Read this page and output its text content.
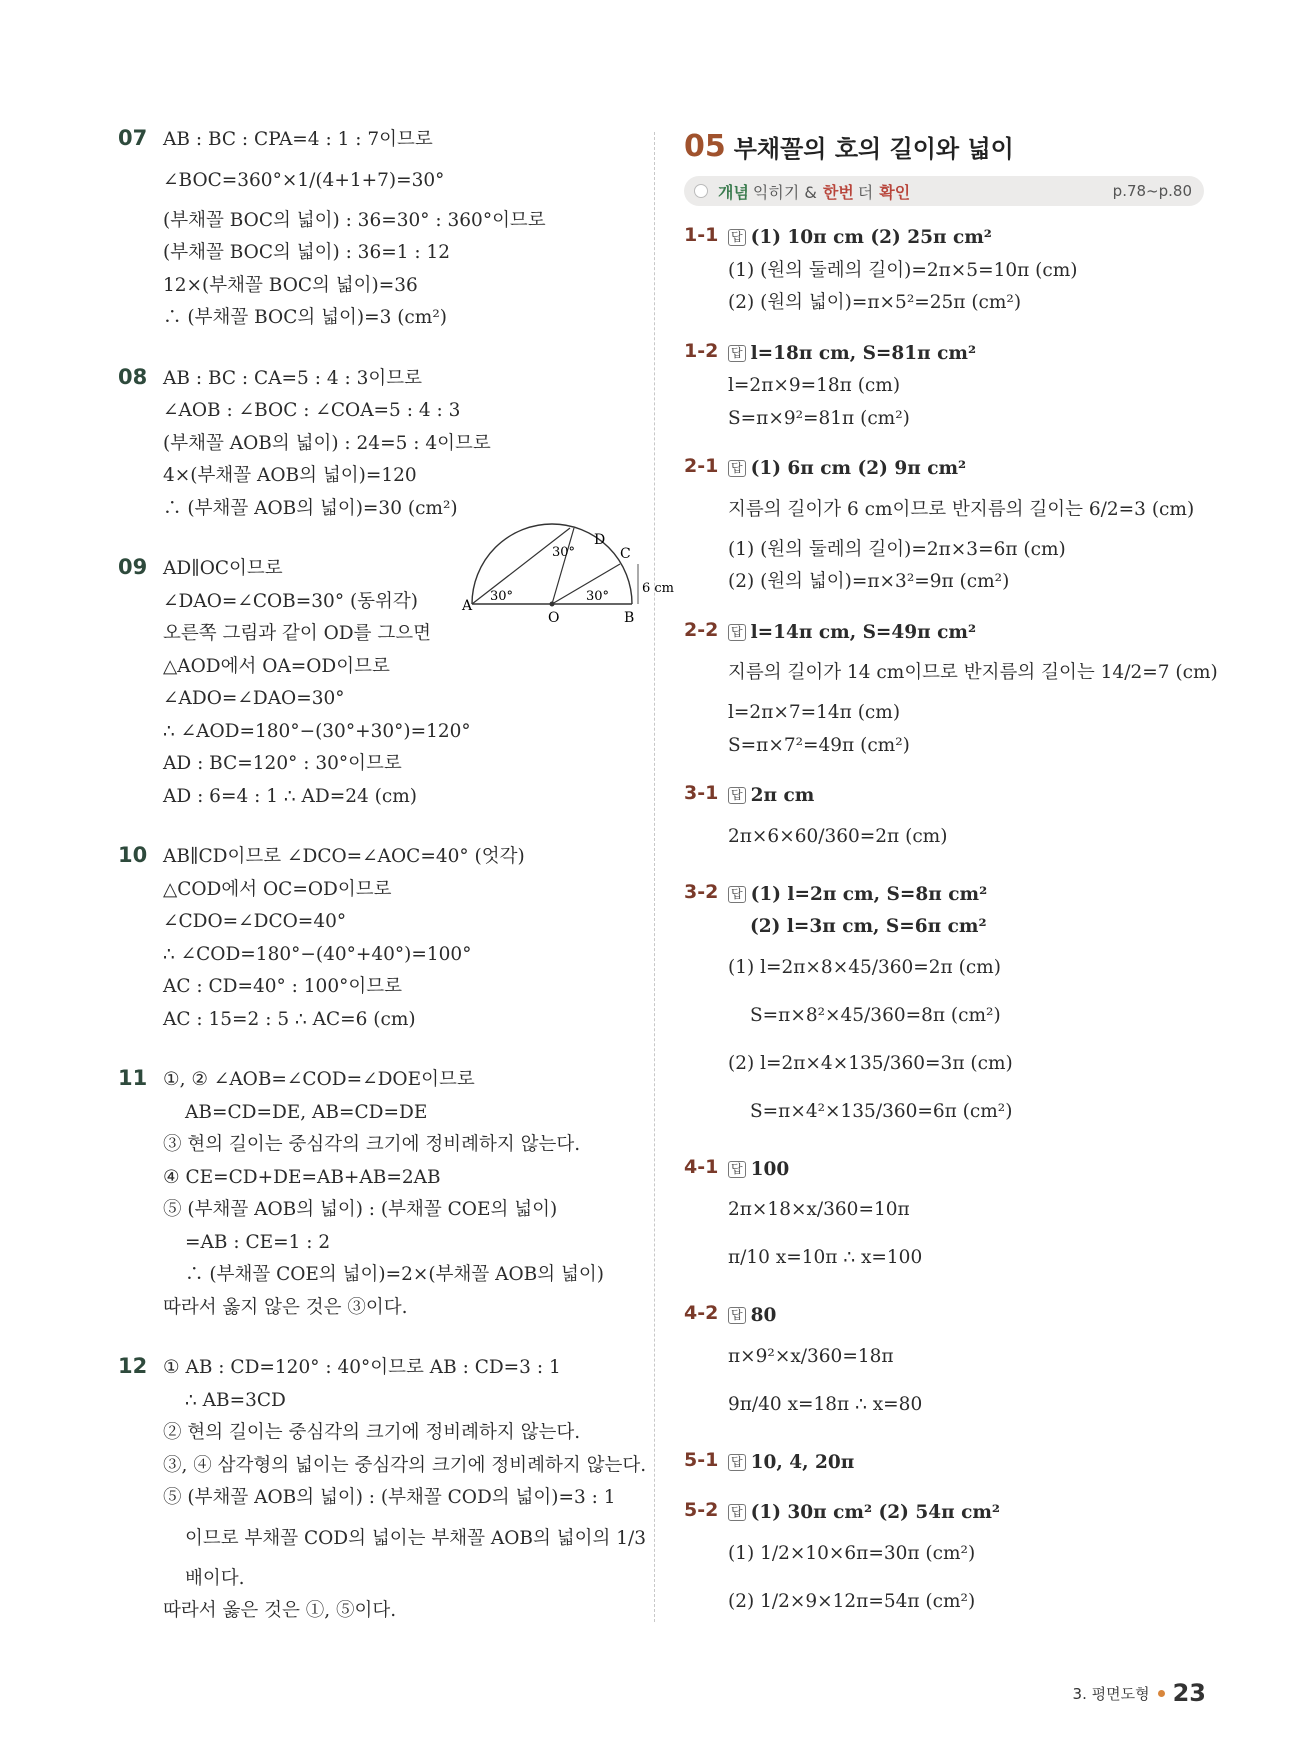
07 AB : BC : CPA=4 : 1 : 7이므로
∠BOC=360°×1/(4+1+7)=30°
(부채꼴 BOC의 넓이) : 36=30° : 360°이므로
(부채꼴 BOC의 넓이) : 36=1 : 12
12×(부채꼴 BOC의 넓이)=36
∴ (부채꼴 BOC의 넓이)=3 (cm²)
08 AB : BC : CA=5 : 4 : 3이므로
∠AOB : ∠BOC : ∠COA=5 : 4 : 3
(부채꼴 AOB의 넓이) : 24=5 : 4이므로
4×(부채꼴 AOB의 넓이)=120
∴ (부채꼴 AOB의 넓이)=30 (cm²)
09 AD∥OC이므로
∠DAO=∠COB=30° (동위각)
오른쪽 그림과 같이 OD를 그으면
△AOD에서 OA=OD이므로
∠ADO=∠DAO=30°
∴ ∠AOD=180°−(30°+30°)=120°
AD : BC=120° : 30°이므로
AD : 6=4 : 1 ∴ AD=24 (cm)
10 AB∥CD이므로 ∠DCO=∠AOC=40° (엇각)
△COD에서 OC=OD이므로
∠CDO=∠DCO=40°
∴ ∠COD=180°−(40°+40°)=100°
AC : CD=40° : 100°이므로
AC : 15=2 : 5 ∴ AC=6 (cm)
11 ①, ② ∠AOB=∠COD=∠DOE이므로
AB=CD=DE, AB=CD=DE
③ 현의 길이는 중심각의 크기에 정비례하지 않는다.
④ CE=CD+DE=AB+AB=2AB
⑤ (부채꼴 AOB의 넓이) : (부채꼴 COE의 넓이)
=AB : CE=1 : 2
∴ (부채꼴 COE의 넓이)=2×(부채꼴 AOB의 넓이)
따라서 옳지 않은 것은 ③이다.
12 ① AB : CD=120° : 40°이므로 AB : CD=3 : 1
∴ AB=3CD
② 현의 길이는 중심각의 크기에 정비례하지 않는다.
③, ④ 삼각형의 넓이는 중심각의 크기에 정비례하지 않는다.
⑤ (부채꼴 AOB의 넓이) : (부채꼴 COD의 넓이)=3 : 1
이므로 부채꼴 COD의 넓이는 부채꼴 AOB의 넓이의 1/3
배이다.
따라서 옳은 것은 ①, ⑤이다.
A
O	B
C
D
30°
30°	30°
6 cm
05 부채꼴의 호의 길이와 넓이
개념 익히기 & 한번 더 확인	p.78~p.80
1-1 답 (1) 10π cm (2) 25π cm²
(1) (원의 둘레의 길이)=2π×5=10π (cm)
(2) (원의 넓이)=π×5²=25π (cm²)
1-2 답 l=18π cm, S=81π cm²
l=2π×9=18π (cm)
S=π×9²=81π (cm²)
2-1 답 (1) 6π cm (2) 9π cm²
지름의 길이가 6 cm이므로 반지름의 길이는 6/2=3 (cm)
(1) (원의 둘레의 길이)=2π×3=6π (cm)
(2) (원의 넓이)=π×3²=9π (cm²)
2-2 답 l=14π cm, S=49π cm²
지름의 길이가 14 cm이므로 반지름의 길이는 14/2=7 (cm)
l=2π×7=14π (cm)
S=π×7²=49π (cm²)
3-1 답 2π cm
2π×6×60/360=2π (cm)
3-2 답 (1) l=2π cm, S=8π cm²
(2) l=3π cm, S=6π cm²
(1) l=2π×8×45/360=2π (cm)
S=π×8²×45/360=8π (cm²)
(2) l=2π×4×135/360=3π (cm)
S=π×4²×135/360=6π (cm²)
4-1 답 100
2π×18×x/360=10π
π/10 x=10π ∴ x=100
4-2 답 80
π×9²×x/360=18π
9π/40 x=18π ∴ x=80
5-1 답 10, 4, 20π
5-2 답 (1) 30π cm² (2) 54π cm²
(1) 1/2×10×6π=30π (cm²)
(2) 1/2×9×12π=54π (cm²)
3. 평면도형 23
